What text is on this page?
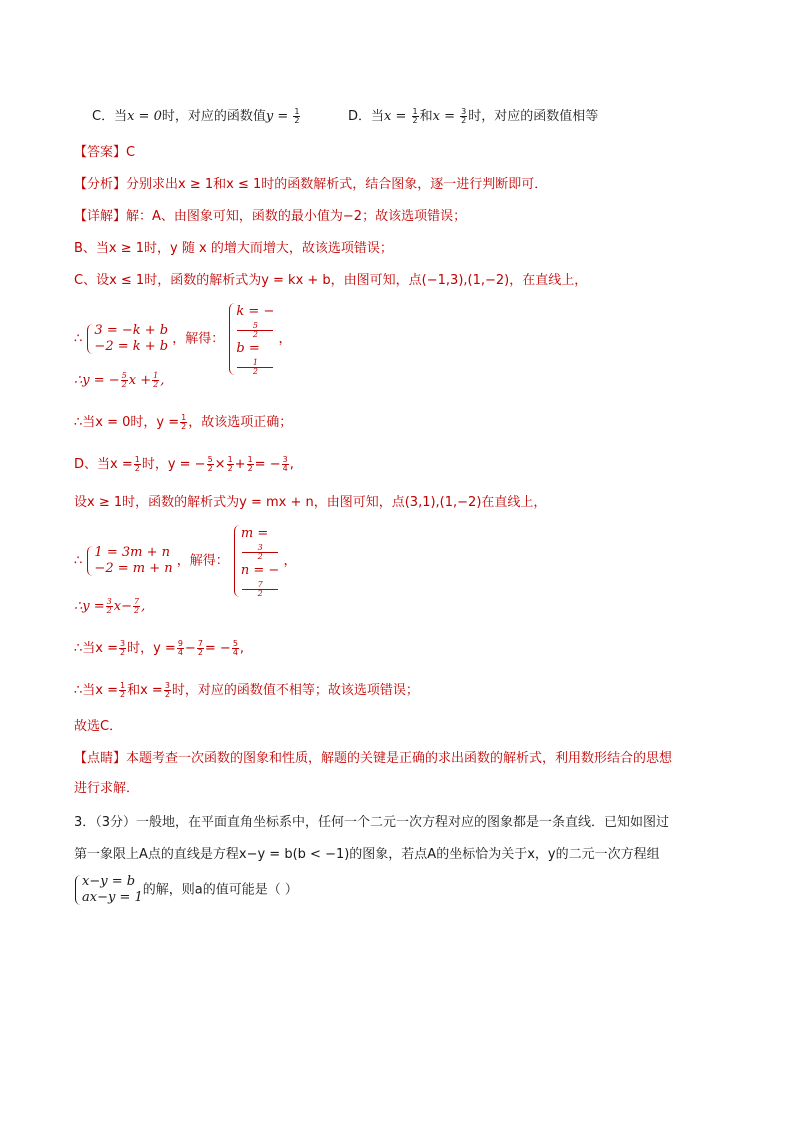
C．当x = 0时，对应的函数值$y = \frac{1}{2}$	D．当$x = \frac{1}{2}$ 和$x = \frac{3}{2}$ 时，对应的函数值相等
【答案】C
【分析】分别求出x ≥ 1和x ≤ 1时的函数解析式，结合图象，逐一进行判断即可．
【详解】解：A、由图象可知，函数的最小值为−2；故该选项错误；
B、当x ≥ 1时，y 随 x 的增大而增大，故该选项错误；
C、设x ≤ 1时，函数的解析式为y = kx + b，由图可知，点(−1,3),(1,−2)，在直线上，
∴
3 = −k + b
−2 = k + b ，解得：
k = −
5
2
b =
1
2
，
∴y = − $\frac{5}{2}$ $x + \frac{1}{2}$ ,
∴当x = 0时，$y = \frac{1}{2}$ ，故该选项正确；
D、当$x = \frac{1}{2}$ 时，y = − $\frac{5}{2} \times \frac{1}{2} + \frac{1}{2}$ = − $\frac{3}{4}$ ,
设x ≥ 1时，函数的解析式为y = mx + n，由图可知，点(3,1),(1,−2)在直线上，
∴
1 = 3m + n
−2 = m + n ，解得：
m =
3
2
n = −
7
2
，
∴y = $\frac{3}{2} x- \frac{7}{2}$ ,
∴当$x = \frac{3}{2}$ 时，$y = \frac{9}{4} - \frac{7}{2}$ = − $\frac{5}{4}$ ,
∴当$x = \frac{1}{2}$ 和$x = \frac{3}{2}$ 时，对应的函数值不相等；故该选项错误；
故选C．
【点睛】本题考查一次函数的图象和性质，解题的关键是正确的求出函数的解析式，利用数形结合的思想
进行求解．
3．（3分）一般地，在平面直角坐标系中，任何一个二元一次方程对应的图象都是一条直线．已知如图过
第一象限上A点的直线是方程x−y = b(b < −1)的图象，若点A的坐标恰为关于x，y的二元一次方程组
x−y = b
ax−y = 1 的解，则a的值可能是（ ）
